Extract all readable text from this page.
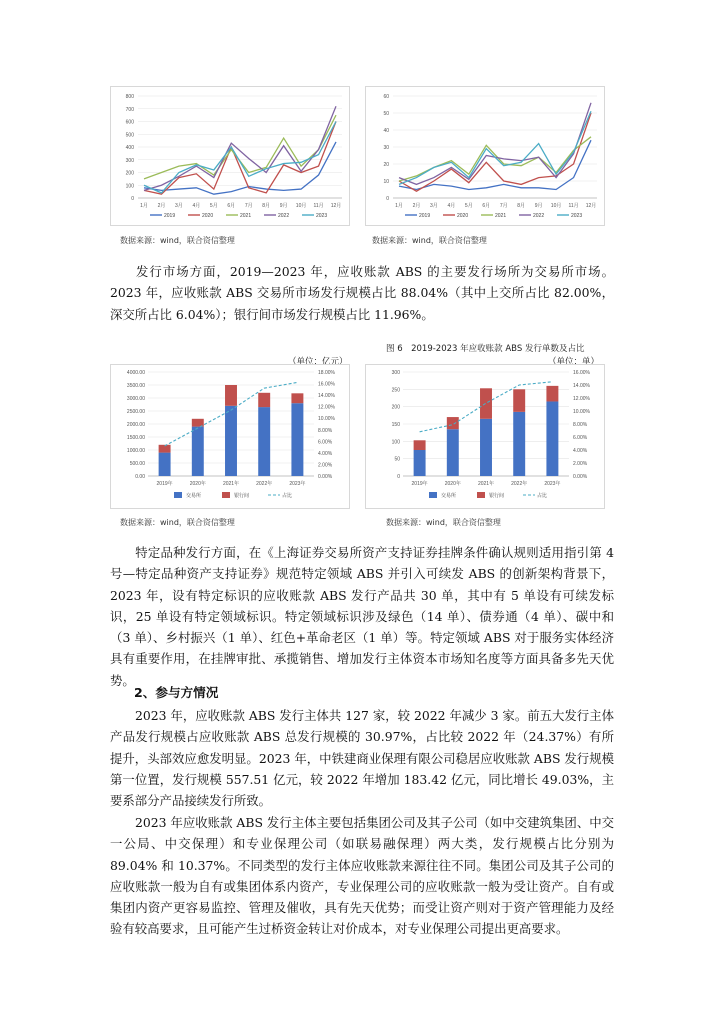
0
100
200
300
400
500
600
700
800
1月 2月 3月 4月 5月 6月 7月 8月 9月 10月 11月 12月
2019	2020	2021	2022	2023
0
10
20
30
40
50
60
1月 2月 3月 4月 5月 6月 7月 8月 9月 10月 11月 12月
2019	2020	2021	2022	2023
数据来源：wind，联合资信整理	数据来源：wind，联合资信整理

发行市场方面，2019—2023 年，应收账款 ABS 的主要发行场所为交易所市场。2023 年，应收账款 ABS 交易所市场发行规模占比 88.04%（其中上交所占比 82.00%，深交所占比 6.04%）；银行间市场发行规模占比 11.96%。

（单位：亿元）
0.00
500.00
1000.00
1500.00
2000.00
2500.00
3000.00
3500.00
4000.00
0.00%
2.00%
4.00%
6.00%
8.00%
10.00%
12.00%
14.00%
16.00%
18.00%
2019年	2020年	2021年	2022年	2023年
交易所	银行间	占比
图 6　2019-2023 年应收账款 ABS 发行单数及占比
（单位：单）
0
50
100
150
200
250
300
0.00%
2.00%
4.00%
6.00%
8.00%
10.00%
12.00%
14.00%
16.00%
2019年	2020年	2021年	2022年	2023年
交易所	银行间	占比
数据来源：wind，联合资信整理	数据来源：wind，联合资信整理

特定品种发行方面，在《上海证券交易所资产支持证券挂牌条件确认规则适用指引第 4 号—特定品种资产支持证券》规范特定领域 ABS 并引入可续发 ABS 的创新架构背景下，2023 年，设有特定标识的应收账款 ABS 发行产品共 30 单，其中有 5 单设有可续发标识，25 单设有特定领域标识。特定领域标识涉及绿色（14 单）、债券通（4 单）、碳中和（3 单）、乡村振兴（1 单）、红色+革命老区（1 单）等。特定领域 ABS 对于服务实体经济具有重要作用，在挂牌审批、承揽销售、增加发行主体资本市场知名度等方面具备多先天优势。

2、参与方情况

2023 年，应收账款 ABS 发行主体共 127 家，较 2022 年减少 3 家。前五大发行主体产品发行规模占应收账款 ABS 总发行规模的 30.97%，占比较 2022 年（24.37%）有所提升，头部效应愈发明显。2023 年，中铁建商业保理有限公司稳居应收账款 ABS 发行规模第一位置，发行规模 557.51 亿元，较 2022 年增加 183.42 亿元，同比增长 49.03%，主要系部分产品接续发行所致。

2023 年应收账款 ABS 发行主体主要包括集团公司及其子公司（如中交建筑集团、中交一公局、中交保理）和专业保理公司（如联易融保理）两大类，发行规模占比分别为 89.04% 和 10.37%。不同类型的发行主体应收账款来源往往不同。集团公司及其子公司的应收账款一般为自有或集团体系内资产，专业保理公司的应收账款一般为受让资产。自有或集团内资产更容易监控、管理及催收，具有先天优势；而受让资产则对于资产管理能力及经验有较高要求，且可能产生过桥资金转让对价成本，对专业保理公司提出更高要求。
